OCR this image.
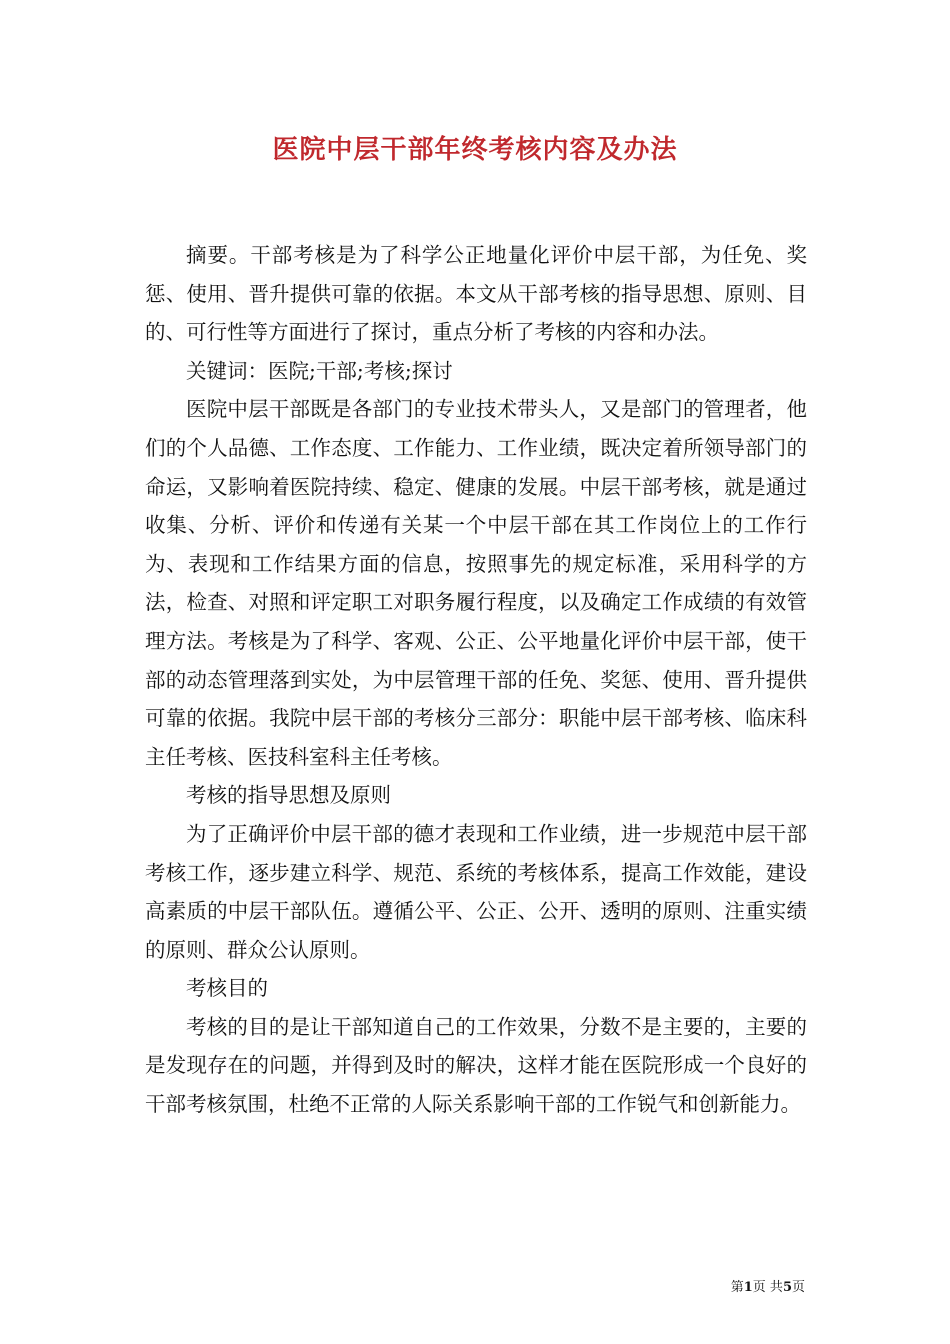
医院中层干部年终考核内容及办法

摘要。干部考核是为了科学公正地量化评价中层干部，为任免、奖惩、使用、晋升提供可靠的依据。本文从干部考核的指导思想、原则、目的、可行性等方面进行了探讨，重点分析了考核的内容和办法。

关键词：医院;干部;考核;探讨

医院中层干部既是各部门的专业技术带头人，又是部门的管理者，他们的个人品德、工作态度、工作能力、工作业绩，既决定着所领导部门的命运，又影响着医院持续、稳定、健康的发展。中层干部考核，就是通过收集、分析、评价和传递有关某一个中层干部在其工作岗位上的工作行为、表现和工作结果方面的信息，按照事先的规定标准，采用科学的方法，检查、对照和评定职工对职务履行程度，以及确定工作成绩的有效管理方法。考核是为了科学、客观、公正、公平地量化评价中层干部，使干部的动态管理落到实处，为中层管理干部的任免、奖惩、使用、晋升提供可靠的依据。我院中层干部的考核分三部分：职能中层干部考核、临床科主任考核、医技科室科主任考核。

考核的指导思想及原则

为了正确评价中层干部的德才表现和工作业绩，进一步规范中层干部考核工作，逐步建立科学、规范、系统的考核体系，提高工作效能，建设高素质的中层干部队伍。遵循公平、公正、公开、透明的原则、注重实绩的原则、群众公认原则。

考核目的

考核的目的是让干部知道自己的工作效果，分数不是主要的，主要的是发现存在的问题，并得到及时的解决，这样才能在医院形成一个良好的干部考核氛围，杜绝不正常的人际关系影响干部的工作锐气和创新能力。

第1页 共5页
